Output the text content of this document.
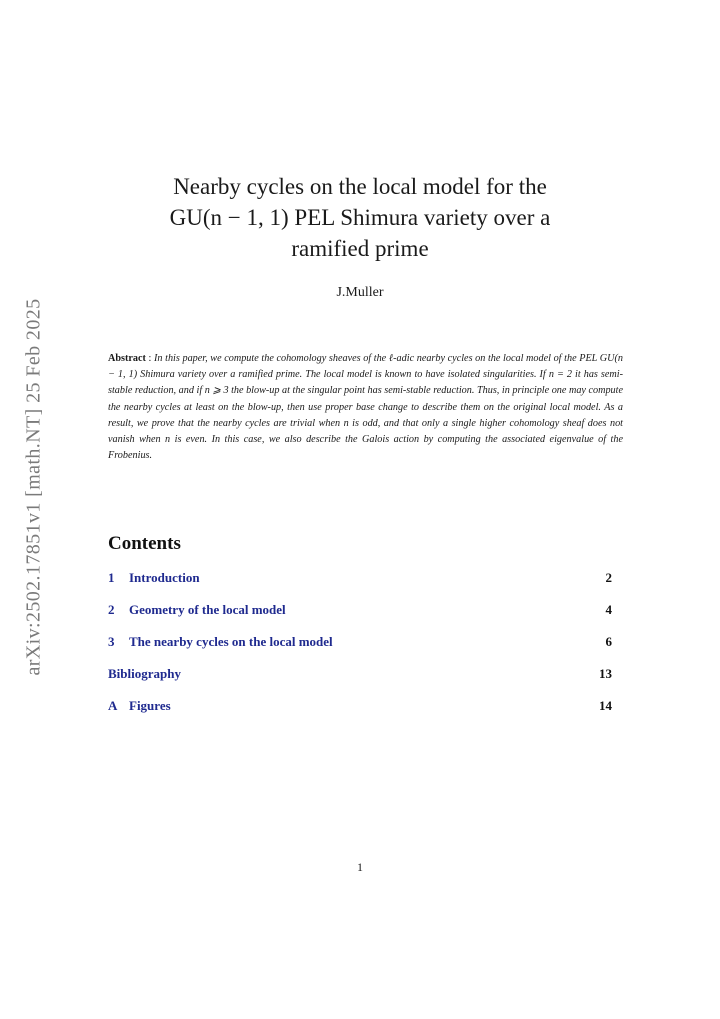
arXiv:2502.17851v1 [math.NT] 25 Feb 2025
Nearby cycles on the local model for the
GU(n − 1, 1) PEL Shimura variety over a
ramified prime
J.Muller
Abstract : In this paper, we compute the cohomology sheaves of the ℓ-adic nearby cycles on the local model of the PEL GU(n − 1, 1) Shimura variety over a ramified prime. The local model is known to have isolated singularities. If n = 2 it has semi-stable reduction, and if n ⩾ 3 the blow-up at the singular point has semi-stable reduction. Thus, in principle one may compute the nearby cycles at least on the blow-up, then use proper base change to describe them on the original local model. As a result, we prove that the nearby cycles are trivial when n is odd, and that only a single higher cohomology sheaf does not vanish when n is even. In this case, we also describe the Galois action by computing the associated eigenvalue of the Frobenius.
Contents
1	Introduction	2
2	Geometry of the local model	4
3	The nearby cycles on the local model	6
Bibliography	13
A Figures	14
1
